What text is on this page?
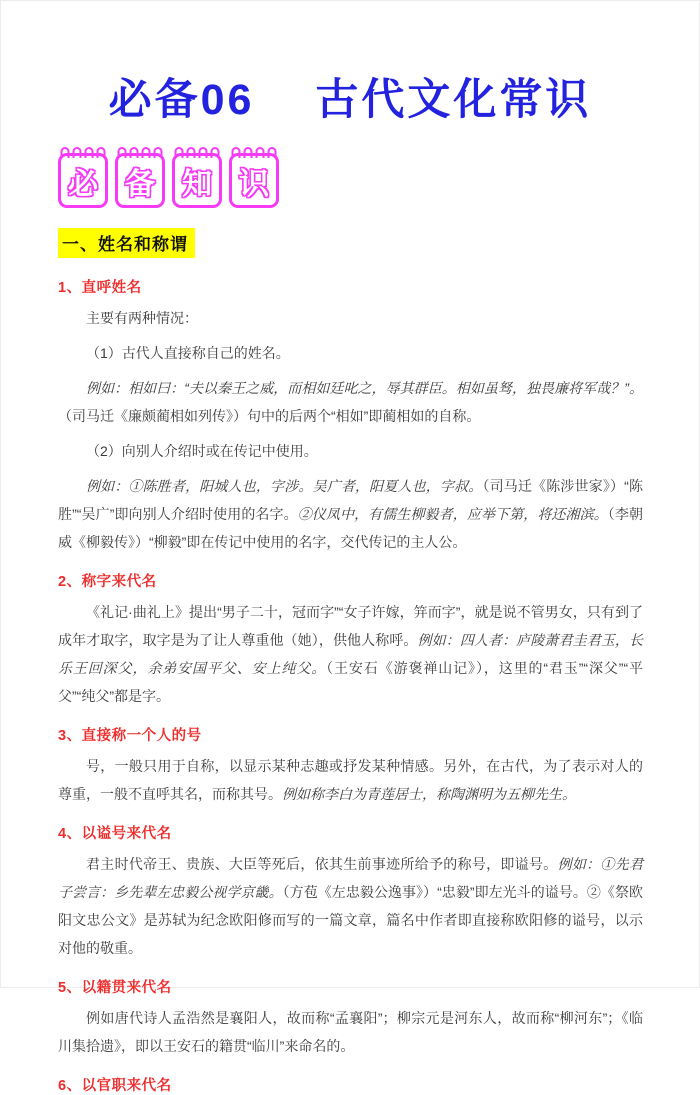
必备06　 古代文化常识
必 备 知 识
一、姓名和称谓
1、直呼姓名

主要有两种情况：

（1）古代人直接称自己的姓名。

例如：相如曰：“夫以秦王之威，而相如廷叱之，辱其群臣。相如虽驽，独畏廉将军哉？”。（司马迁《廉颇蔺相如列传》）句中的后两个“相如”即蔺相如的自称。

（2）向别人介绍时或在传记中使用。

例如：①陈胜者，阳城人也，字涉。吴广者，阳夏人也，字叔。（司马迁《陈涉世家》）“陈胜”“吴广”即向别人介绍时使用的名字。②仪凤中，有儒生柳毅者，应举下第，将还湘滨。（李朝威《柳毅传》）“柳毅”即在传记中使用的名字，交代传记的主人公。

2、称字来代名

《礼记·曲礼上》提出“男子二十，冠而字”“女子许嫁，笄而字”，就是说不管男女，只有到了成年才取字，取字是为了让人尊重他（她），供他人称呼。例如：四人者：庐陵萧君圭君玉，长乐王回深父，余弟安国平父、安上纯父。（王安石《游褒禅山记》），这里的“君玉”“深父”“平父”“纯父”都是字。

3、直接称一个人的号

号，一般只用于自称，以显示某种志趣或抒发某种情感。另外，在古代，为了表示对人的尊重，一般不直呼其名，而称其号。例如称李白为青莲居士，称陶渊明为五柳先生。

4、以谥号来代名

君主时代帝王、贵族、大臣等死后，依其生前事迹所给予的称号，即谥号。例如：①先君子尝言：乡先辈左忠毅公视学京畿。（方苞《左忠毅公逸事》）“忠毅”即左光斗的谥号。②《祭欧阳文忠公文》是苏轼为纪念欧阳修而写的一篇文章，篇名中作者即直接称欧阳修的谥号，以示对他的敬重。

5、以籍贯来代名

例如唐代诗人孟浩然是襄阳人，故而称“孟襄阳”；柳宗元是河东人，故而称“柳河东”；《临川集拾遗》，即以王安石的籍贯“临川”来命名的。

6、以官职来代名
